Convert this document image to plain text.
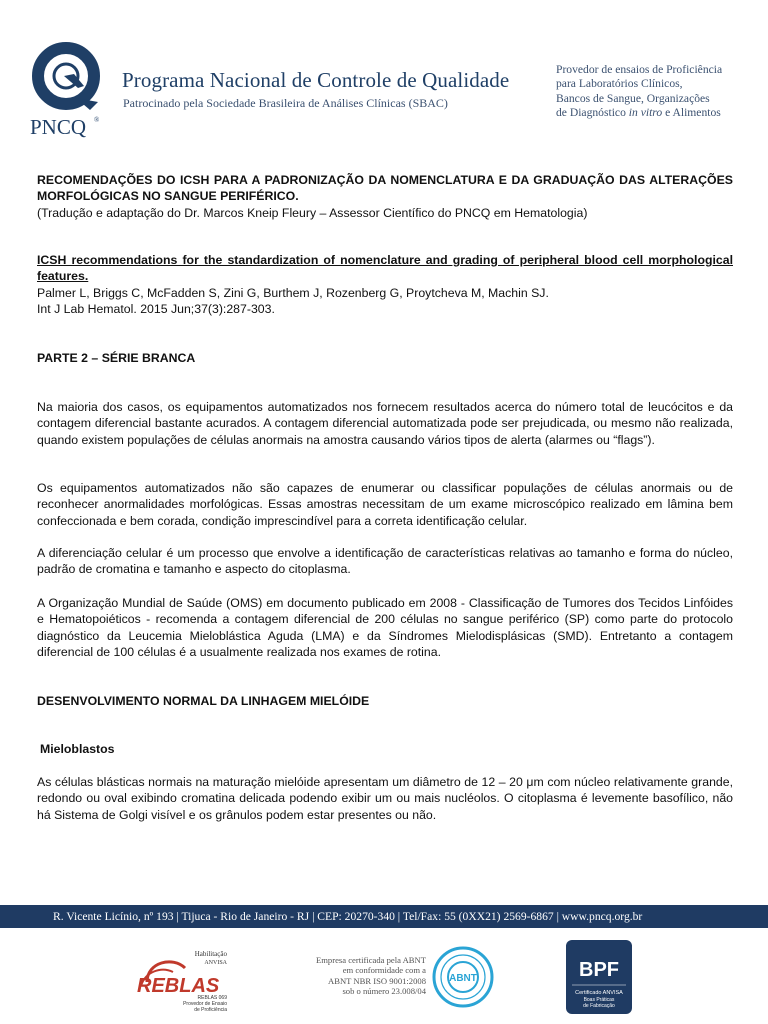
PNCQ ®
Programa Nacional de Controle de Qualidade
Patrocinado pela Sociedade Brasileira de Análises Clínicas (SBAC)
Provedor de ensaios de Proficiência
para Laboratórios Clínicos,
Bancos de Sangue, Organizações
de Diagnóstico in vitro e Alimentos
RECOMENDAÇÕES DO ICSH PARA A PADRONIZAÇÃO DA NOMENCLATURA E DA GRADUAÇÃO DAS ALTERAÇÕES MORFOLÓGICAS NO SANGUE PERIFÉRICO.
(Tradução e adaptação do Dr. Marcos Kneip Fleury – Assessor Científico do PNCQ em Hematologia)
ICSH recommendations for the standardization of nomenclature and grading of peripheral blood cell morphological features.
Palmer L, Briggs C, McFadden S, Zini G, Burthem J, Rozenberg G, Proytcheva M, Machin SJ.
Int J Lab Hematol. 2015 Jun;37(3):287-303.
PARTE 2 – SÉRIE BRANCA
Na maioria dos casos, os equipamentos automatizados nos fornecem resultados acerca do número total de leucócitos e da contagem diferencial bastante acurados. A contagem diferencial automatizada pode ser prejudicada, ou mesmo não realizada, quando existem populações de células anormais na amostra causando vários tipos de alerta (alarmes ou “flags”).
Os equipamentos automatizados não são capazes de enumerar ou classificar populações de células anormais ou de reconhecer anormalidades morfológicas. Essas amostras necessitam de um exame microscópico realizado em lâmina bem confeccionada e bem corada, condição imprescindível para a correta identificação celular.
A diferenciação celular é um processo que envolve a identificação de características relativas ao tamanho e forma do núcleo, padrão de cromatina e tamanho e aspecto do citoplasma.
A Organização Mundial de Saúde (OMS) em documento publicado em 2008 - Classificação de Tumores dos Tecidos Linfóides e Hematopoiéticos - recomenda a contagem diferencial de 200 células no sangue periférico (SP) como parte do protocolo diagnóstico da Leucemia Mieloblástica Aguda (LMA) e da Síndromes Mielodisplásicas (SMD). Entretanto a contagem diferencial de 100 células é a usualmente realizada nos exames de rotina.
DESENVOLVIMENTO NORMAL DA LINHAGEM MIELÓIDE
Mieloblastos
As células blásticas normais na maturação mielóide apresentam um diâmetro de 12 – 20 μm com núcleo relativamente grande, redondo ou oval exibindo cromatina delicada podendo exibir um ou mais nucléolos. O citoplasma é levemente basofílico, não há Sistema de Golgi visível e os grânulos podem estar presentes ou não.
R. Vicente Licínio, nº 193 | Tijuca - Rio de Janeiro - RJ | CEP: 20270-340 | Tel/Fax: 55 (0XX21) 2569-6867 | www.pncq.org.br
Habilitação
ANVISA
REBLAS
REBLAS 069
Provedor de Ensaio
de Proficiência
Empresa certificada pela ABNT
em conformidade com a
ABNT NBR ISO 9001:2008
sob o número 23.008/04
ABNT	BPF
Certificado ANVISA
Boas Práticas
de Fabricação
